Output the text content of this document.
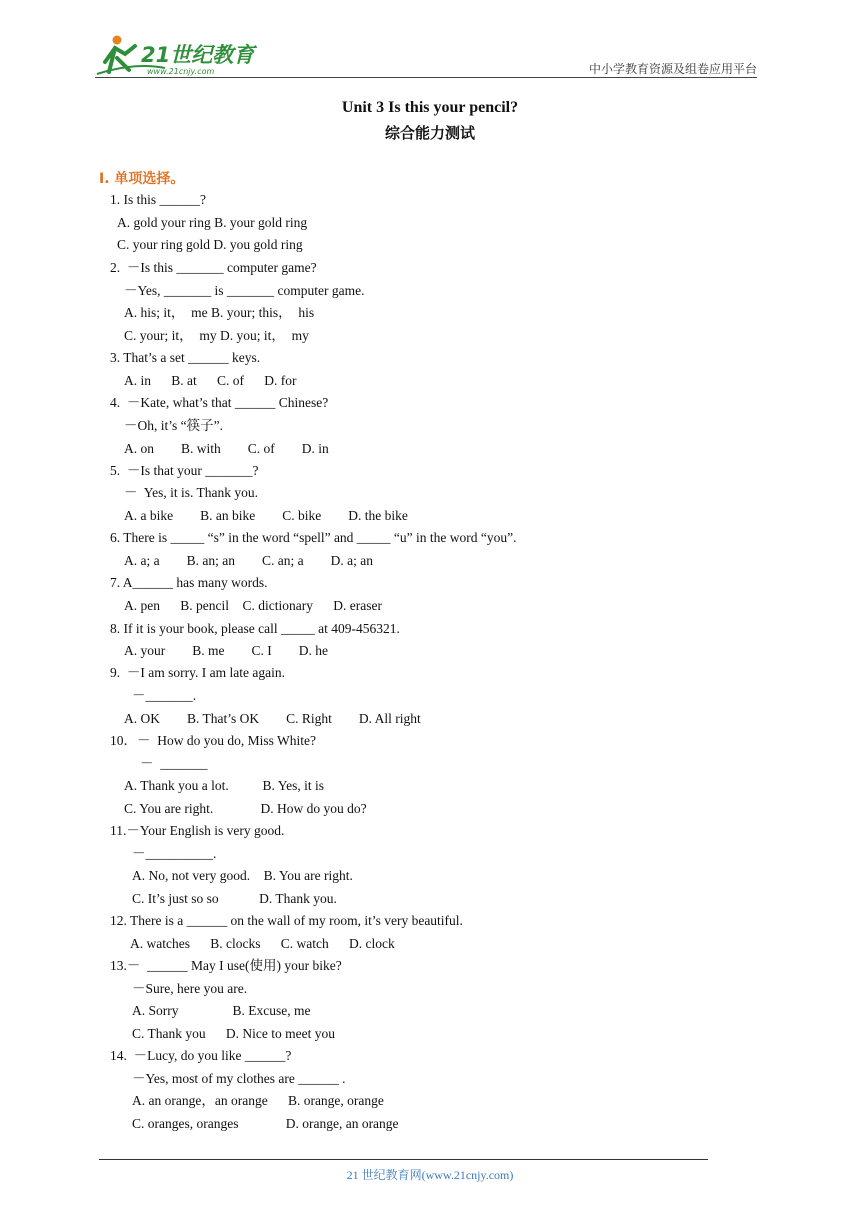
21世纪教育
www.21cnjy.com	中小学教育资源及组卷应用平台
Unit 3 Is this your pencil?
综合能力测试
I. 单项选择。
1. Is this ______?
A. gold your ring B. your gold ring
C. your ring gold D. you gold ring
2.  －Is this _______ computer game?
－Yes, _______ is _______ computer game.
A. his; it，  me B. your; this，  his
C. your; it，  my D. you; it，  my
3. That’s a set ______ keys.
A. in      B. at      C. of      D. for
4.  －Kate, what’s that ______ Chinese?
－Oh, it’s “筷子”.
A. on        B. with        C. of        D. in
5.  －Is that your _______?
－  Yes, it is. Thank you.
A. a bike        B. an bike        C. bike        D. the bike
6. There is _____ “s” in the word “spell” and _____ “u” in the word “you”.
A. a; a        B. an; an        C. an; a        D. a; an
7. A______ has many words.
A. pen      B. pencil    C. dictionary      D. eraser
8. If it is your book, please call _____ at 409-456321.
A. your        B. me        C. I        D. he
9.  －I am sorry. I am late again.
－_______.
A. OK        B. That’s OK        C. Right        D. All right
10．－  How do you do, Miss White?
－  _______
A. Thank you a lot.          B. Yes, it is
C. You are right.              D. How do you do?
11.－Your English is very good.
－__________.
A. No, not very good.    B. You are right.
C. It’s just so so            D. Thank you.
12. There is a ______ on the wall of my room, it’s very beautiful.
A. watches      B. clocks      C. watch      D. clock
13.－  ______ May I use(使用) your bike?
－Sure, here you are.
A. Sorry                B. Excuse, me
C. Thank you      D. Nice to meet you
14.  －Lucy, do you like ______?
－Yes, most of my clothes are ______ .
A. an orange，an orange      B. orange, orange
C. oranges, oranges              D. orange, an orange
21 世纪教育网(www.21cnjy.com)
